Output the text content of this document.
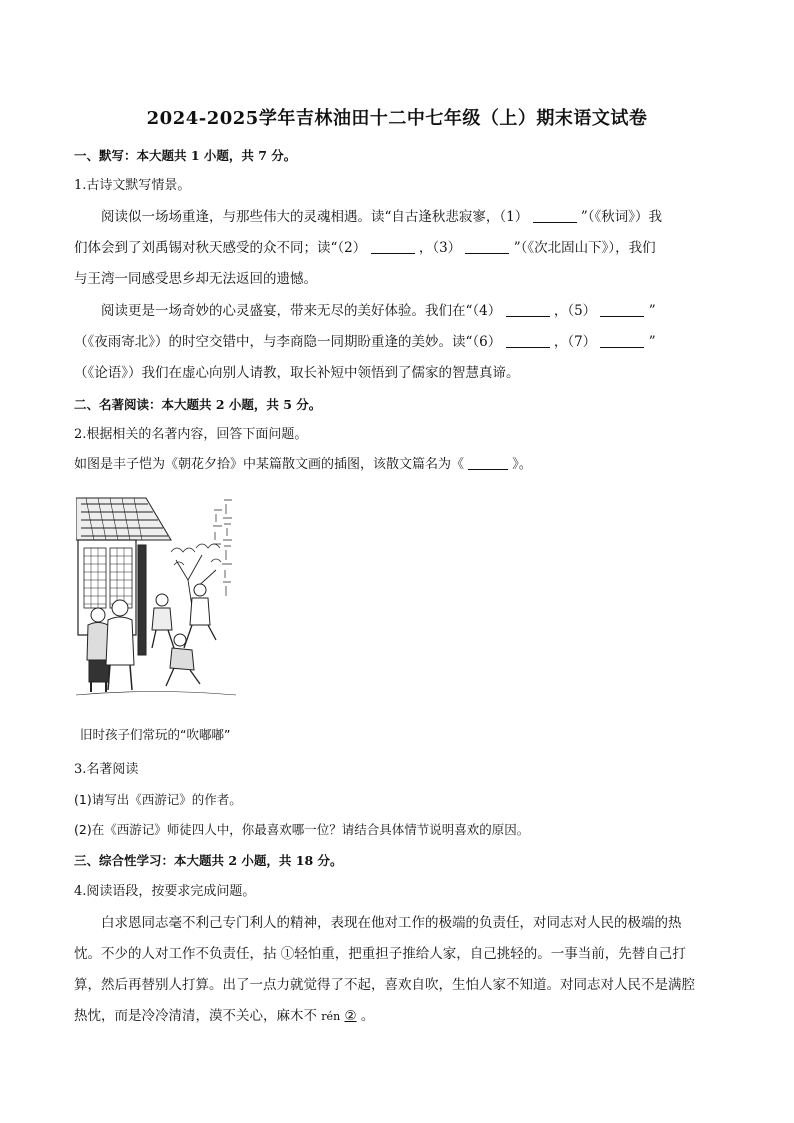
2024-2025学年吉林油田十二中七年级（上）期末语文试卷
一、默写：本大题共 1 小题，共 7 分。
1.古诗文默写情景。
阅读似一场场重逢，与那些伟大的灵魂相遇。读“自古逢秋悲寂寥，（1）	”（《秋词》）我
们体会到了刘禹锡对秋天感受的众不同；读“（2）	，（3）	”（《次北固山下》），我们
与王湾一同感受思乡却无法返回的遗憾。
阅读更是一场奇妙的心灵盛宴，带来无尽的美好体验。我们在“（4）	，（5）	”
（《夜雨寄北》）的时空交错中，与李商隐一同期盼重逢的美妙。读“（6）	，（7）	”
（《论语》）我们在虚心向别人请教，取长补短中领悟到了儒家的智慧真谛。
二、名著阅读：本大题共 2 小题，共 5 分。
2.根据相关的名著内容，回答下面问题。
如图是丰子恺为《朝花夕拾》中某篇散文画的插图，该散文篇名为《	》。
旧时孩子们常玩的“吹嘟嘟”
3.名著阅读
(1)请写出《西游记》的作者。
(2)在《西游记》师徒四人中，你最喜欢哪一位？请结合具体情节说明喜欢的原因。
三、综合性学习：本大题共 2 小题，共 18 分。
4.阅读语段，按要求完成问题。
白求恩同志毫不利己专门利人的精神，表现在他对工作的极端的负责任，对同志对人民的极端的热
忱。不少的人对工作不负责任，拈 ①轻怕重，把重担子推给人家，自己挑轻的。一事当前，先替自己打
算，然后再替别人打算。出了一点力就觉得了不起，喜欢自吹，生怕人家不知道。对同志对人民不是满腔
热忱，而是冷冷清清，漠不关心，麻木不 rén ② 。
